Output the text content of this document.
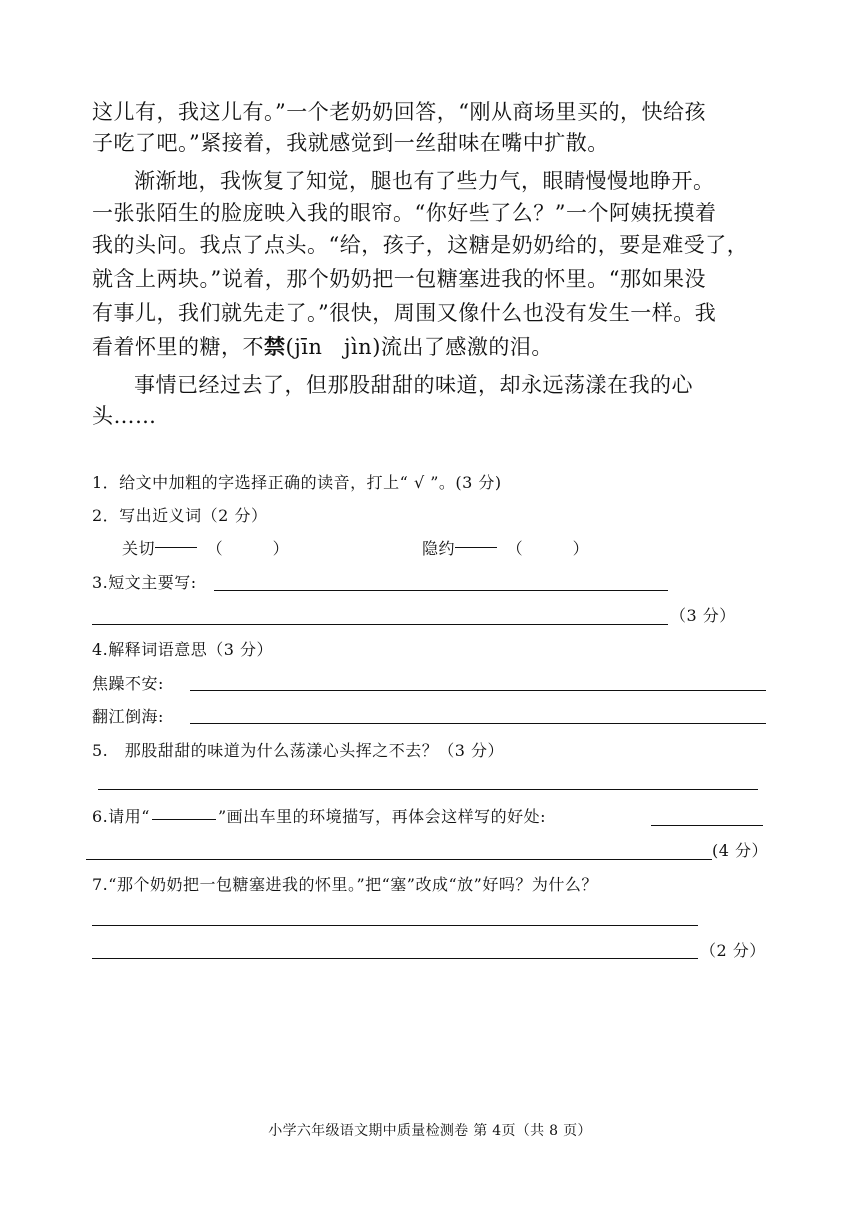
这儿有，我这儿有。”一个老奶奶回答，“刚从商场里买的，快给孩
子吃了吧。”紧接着，我就感觉到一丝甜味在嘴中扩散。
渐渐地，我恢复了知觉，腿也有了些力气，眼睛慢慢地睁开。
一张张陌生的脸庞映入我的眼帘。“你好些了么？”一个阿姨抚摸着
我的头问。我点了点头。“给，孩子，这糖是奶奶给的，要是难受了，
就含上两块。”说着，那个奶奶把一包糖塞进我的怀里。“那如果没
有事儿，我们就先走了。”很快，周围又像什么也没有发生一样。我
看着怀里的糖，不禁(jīn　jìn)流出了感激的泪。
事情已经过去了，但那股甜甜的味道，却永远荡漾在我的心
头……
1．给文中加粗的字选择正确的读音，打上“ √ ”。(3 分)
2．写出近义词（2 分）
关切	（　　　）	隐约	（　　　）
3.短文主要写:
（3 分）
4.解释词语意思（3 分）
焦躁不安:
翻江倒海:
5.　那股甜甜的味道为什么荡漾心头挥之不去？（3 分）
6.请用“	”画出车里的环境描写，再体会这样写的好处:
(4 分）
7.“那个奶奶把一包糖塞进我的怀里。”把“塞”改成“放”好吗？为什么？
（2 分）
小学六年级语文期中质量检测卷 第 4页（共 8 页）
